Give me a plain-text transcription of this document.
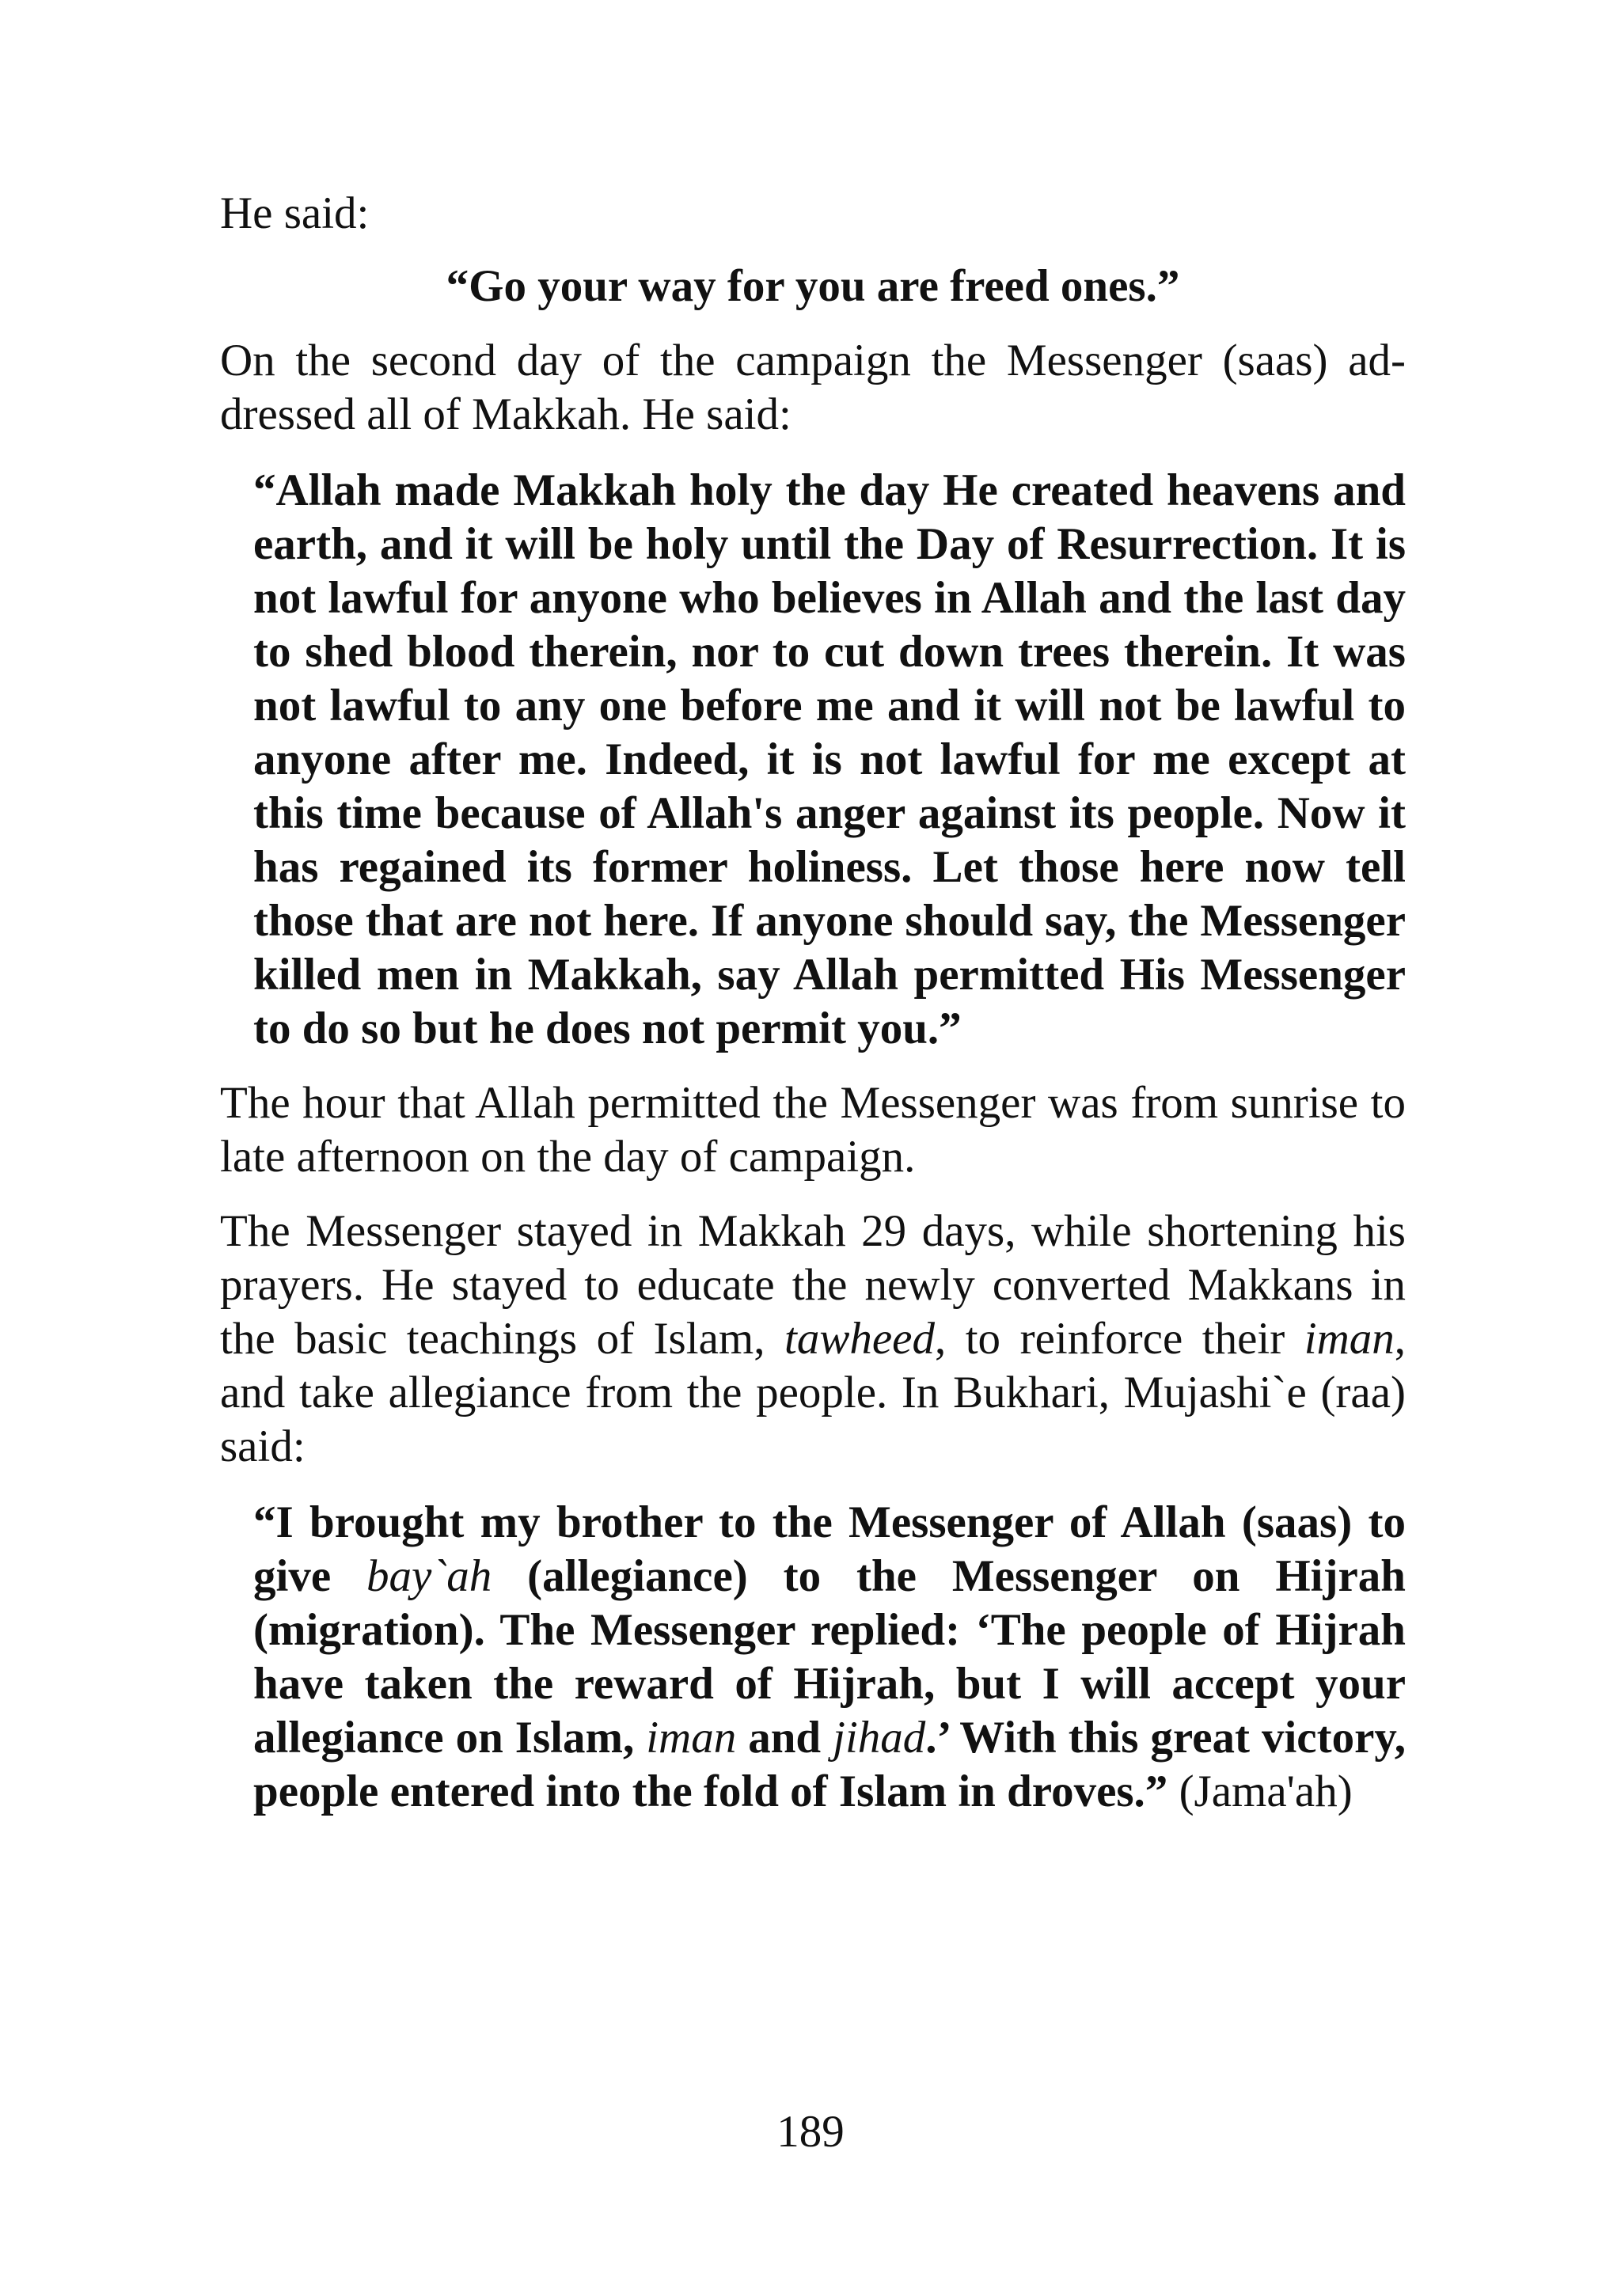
He said:

“Go your way for you are freed ones.”

On the second day of the campaign the Messenger (saas) addressed all of Makkah. He said:

“Allah made Makkah holy the day He created heavens and earth, and it will be holy until the Day of Resurrection. It is not lawful for anyone who believes in Allah and the last day to shed blood therein, nor to cut down trees therein. It was not lawful to any one before me and it will not be lawful to anyone after me. Indeed, it is not lawful for me except at this time because of Allah's anger against its people. Now it has regained its former holiness. Let those here now tell those that are not here. If anyone should say, the Messenger killed men in Makkah, say Allah permitted His Messenger to do so but he does not permit you.”

The hour that Allah permitted the Messenger was from sunrise to late afternoon on the day of campaign.

The Messenger stayed in Makkah 29 days, while shortening his prayers. He stayed to educate the newly converted Makkans in the basic teachings of Islam, tawheed, to reinforce their iman, and take allegiance from the people. In Bukhari, Mujashi`e (raa) said:

“I brought my brother to the Messenger of Allah (saas) to give bay`ah (allegiance) to the Messenger on Hijrah (migration). The Messenger replied: ‘The people of Hijrah have taken the reward of Hijrah, but I will accept your allegiance on Islam, iman and jihad.’ With this great victory, people entered into the fold of Islam in droves.” (Jama'ah)

189
